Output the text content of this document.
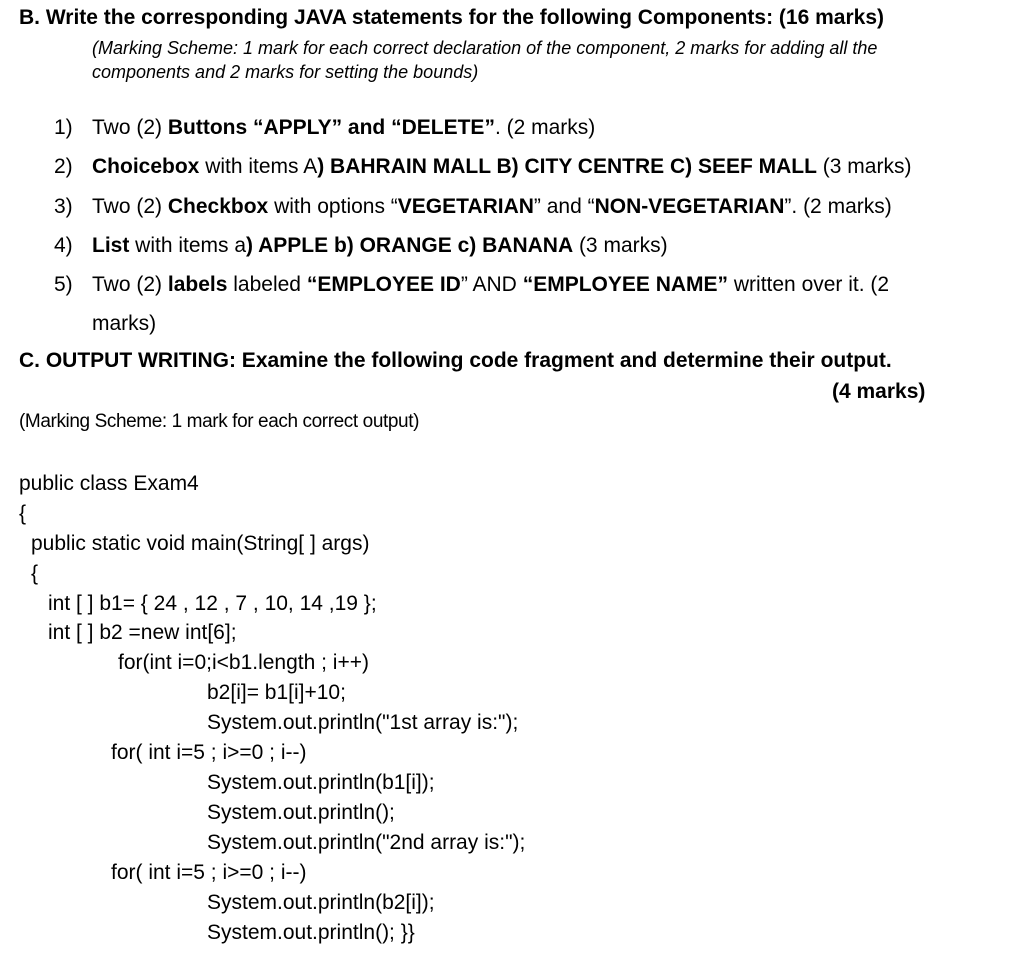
B. Write the corresponding JAVA statements for the following Components: (16 marks)
(Marking Scheme: 1 mark for each correct declaration of the component, 2 marks for adding all the
components and 2 marks for setting the bounds)
1) Two (2) Buttons “APPLY” and “DELETE”. (2 marks)
2) Choicebox with items A) BAHRAIN MALL B) CITY CENTRE C) SEEF MALL (3 marks)
3) Two (2) Checkbox with options “VEGETARIAN” and “NON-VEGETARIAN”. (2 marks)
4) List with items a) APPLE b) ORANGE c) BANANA (3 marks)
5) Two (2) labels labeled “EMPLOYEE ID” AND “EMPLOYEE NAME” written over it. (2
marks)
C. OUTPUT WRITING: Examine the following code fragment and determine their output.
(4 marks)
(Marking Scheme: 1 mark for each correct output)
public class Exam4
{
public static void main(String[ ] args)
{
int [ ] b1= { 24 , 12 , 7 , 10, 14 ,19 };
int [ ] b2 =new int[6];
for(int i=0;i<b1.length ; i++)
b2[i]= b1[i]+10;
System.out.println("1st array is:");
for( int i=5 ; i>=0 ; i--)
System.out.println(b1[i]);
System.out.println();
System.out.println("2nd array is:");
for( int i=5 ; i>=0 ; i--)
System.out.println(b2[i]);
System.out.println(); }}
